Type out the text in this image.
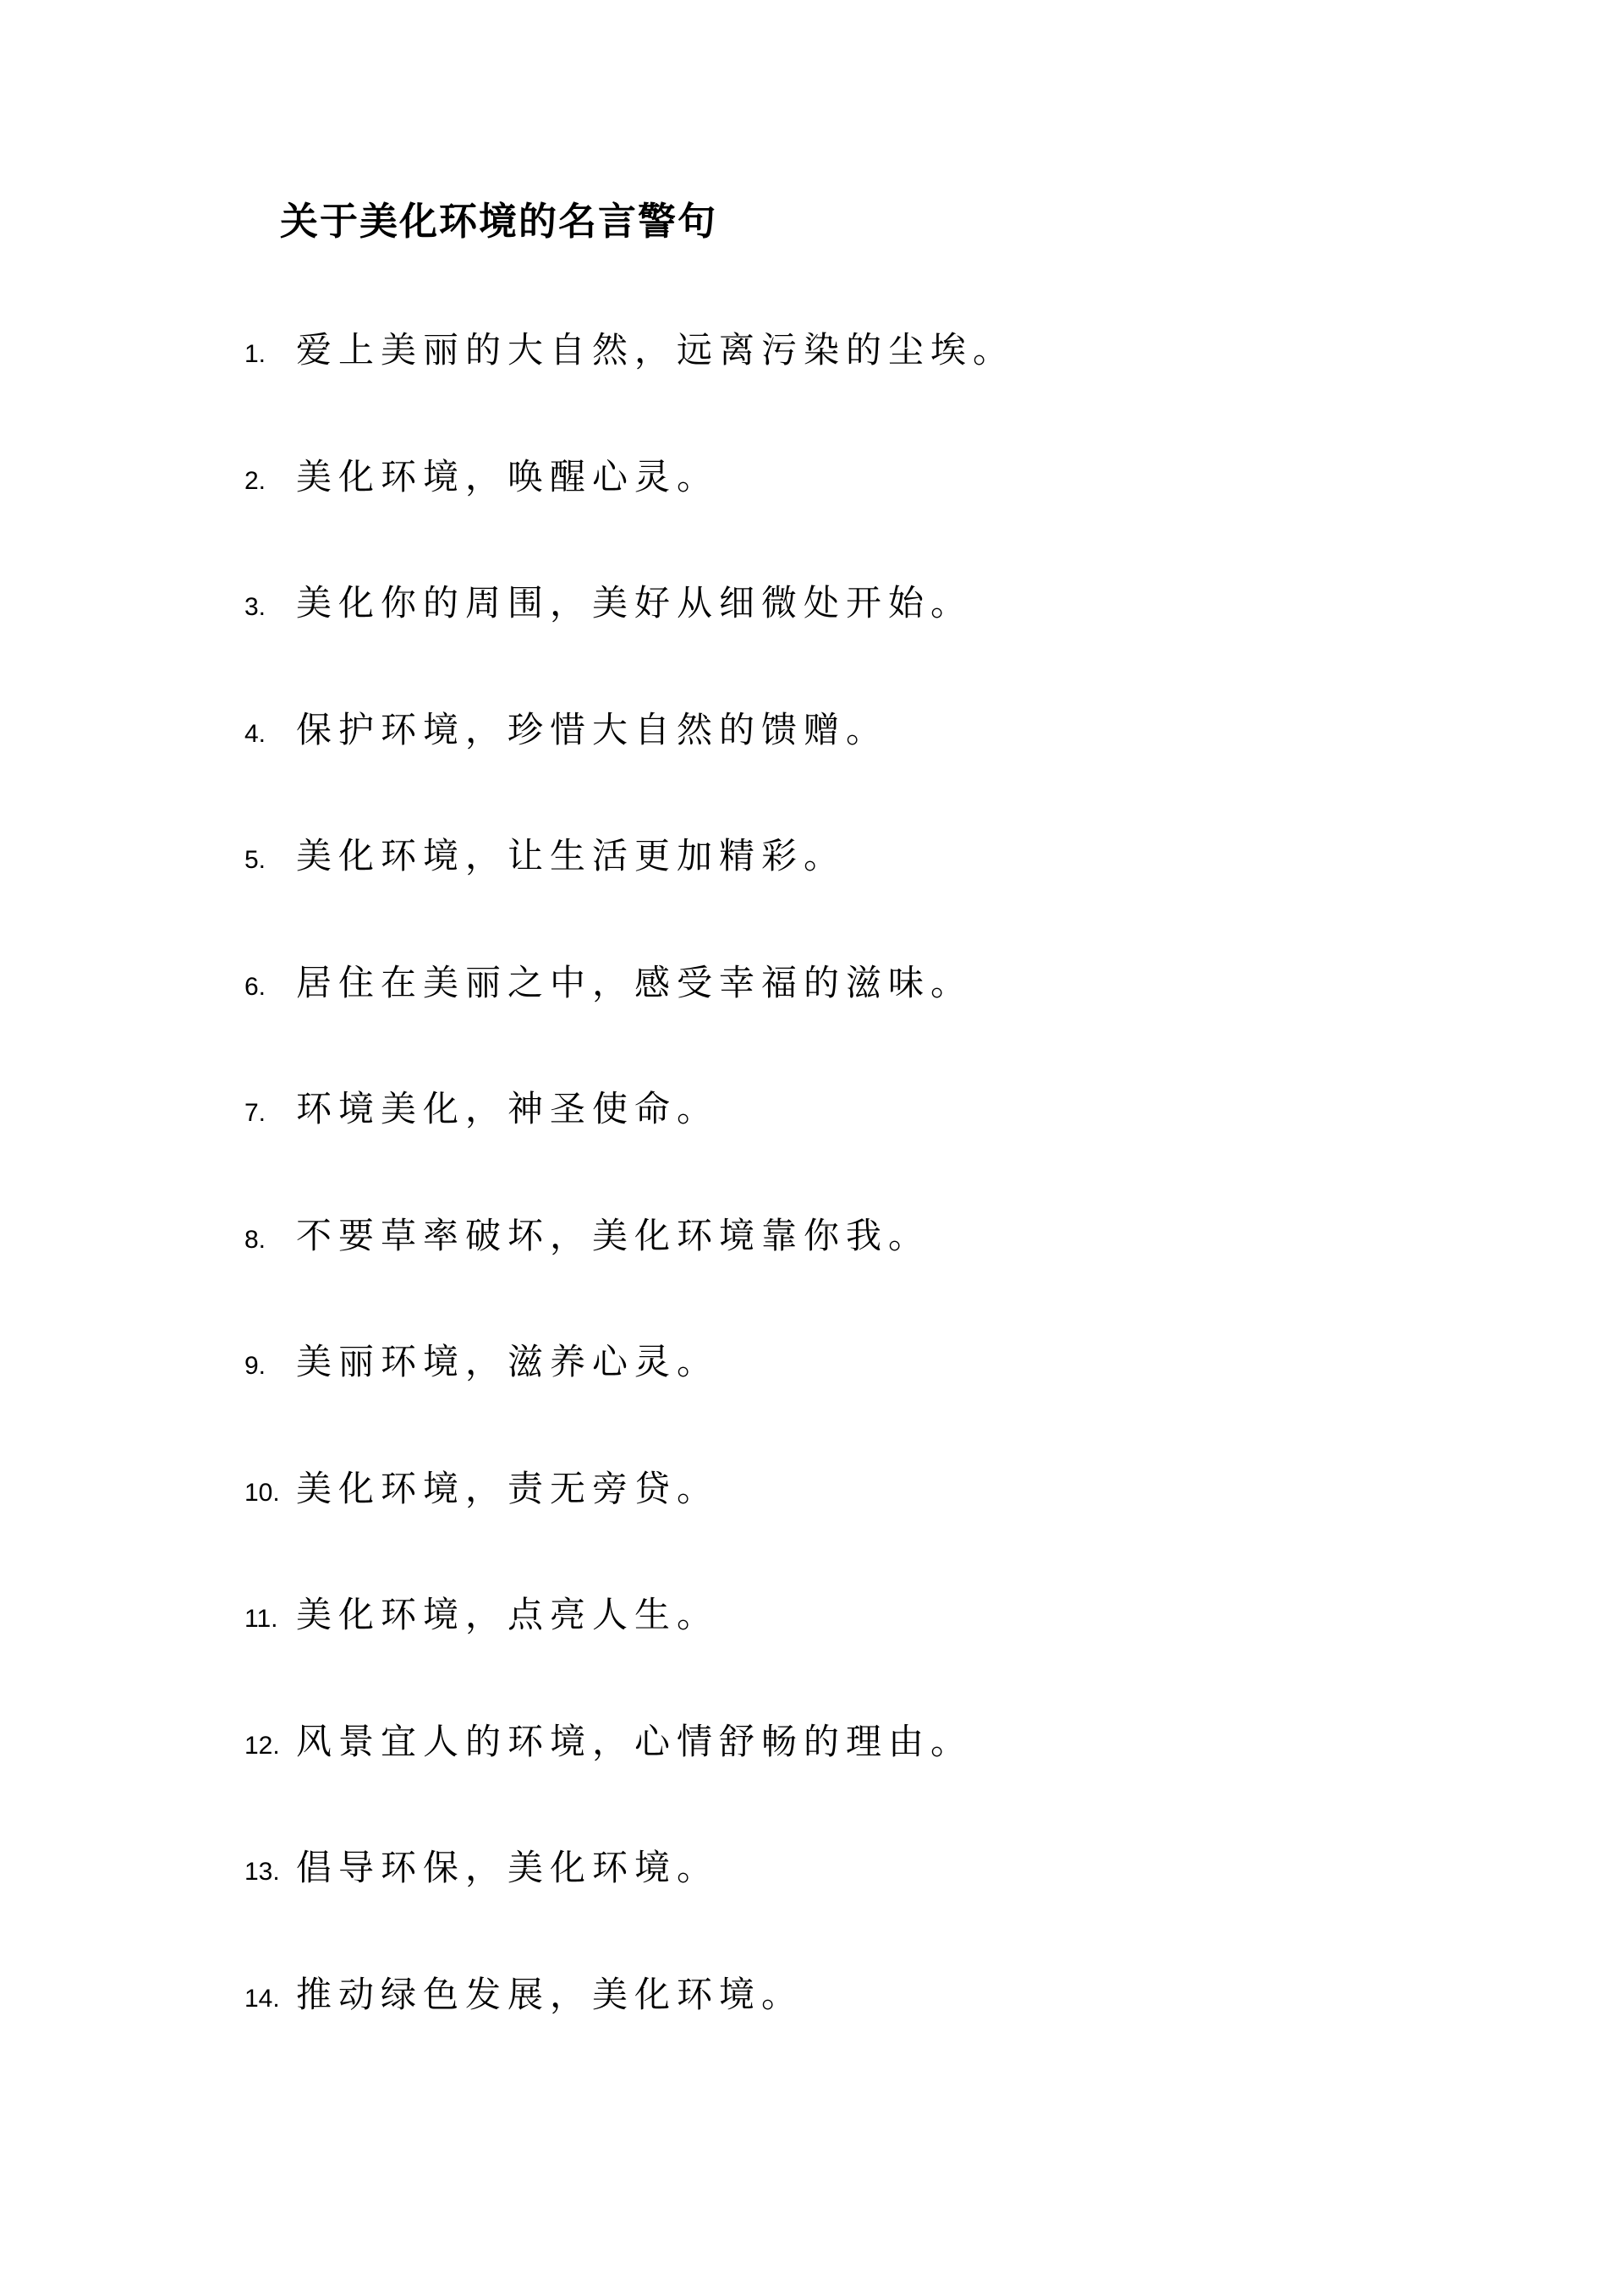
关于美化环境的名言警句
1. 爱上美丽的大自然，远离污染的尘埃。
2. 美化环境，唤醒心灵。
3. 美化你的周围，美好从细微处开始。
4. 保护环境，珍惜大自然的馈赠。
5. 美化环境，让生活更加精彩。
6. 居住在美丽之中，感受幸福的滋味。
7. 环境美化，神圣使命。
8. 不要草率破坏，美化环境靠你我。
9. 美丽环境，滋养心灵。
10. 美化环境，责无旁贷。
11. 美化环境，点亮人生。
12. 风景宜人的环境，心情舒畅的理由。
13. 倡导环保，美化环境。
14. 推动绿色发展，美化环境。
